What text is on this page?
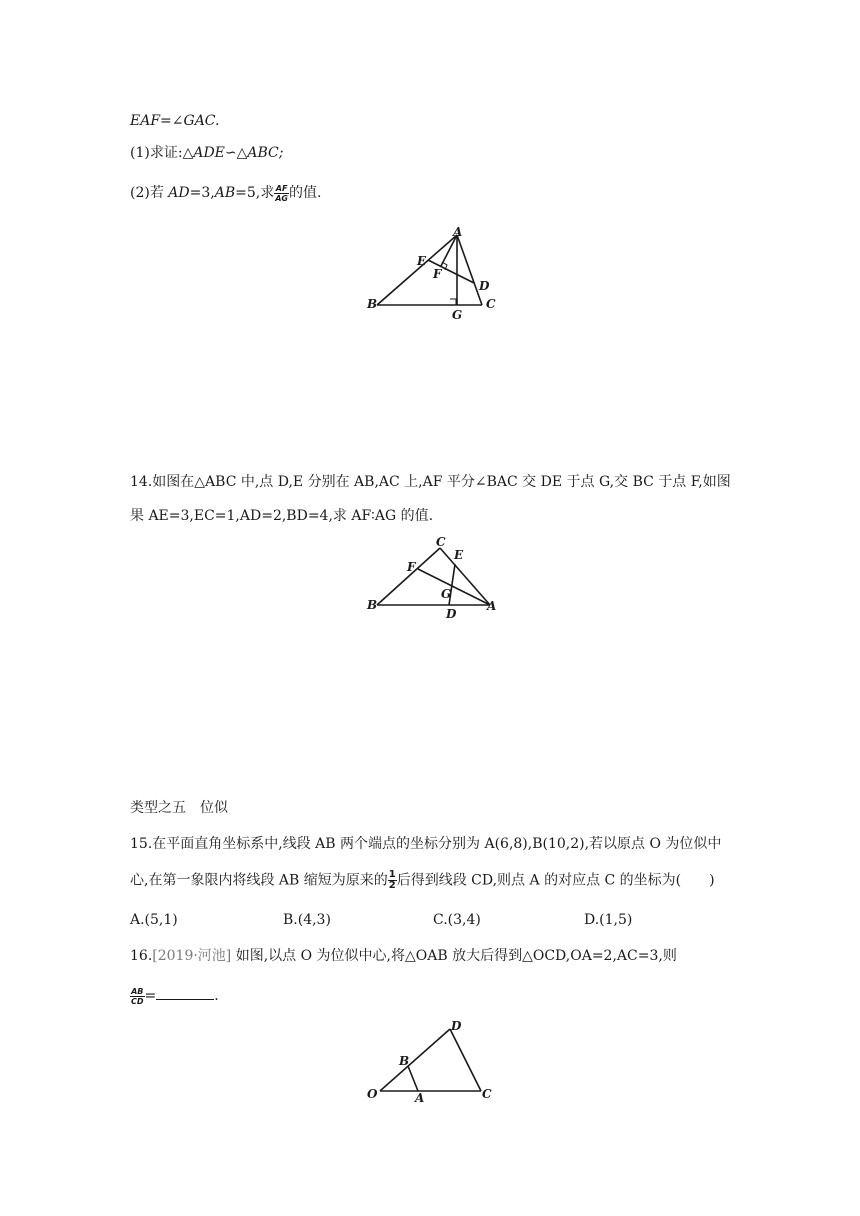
EAF=∠GAC.
(1)求证:△ADE∽△ABC;
(2)若 AD=3,AB=5,求 $\frac{AF}{AG}$ 的值.
A
E
F
D
B	C
G
14.如图在△ABC 中,点 D,E 分别在 AB,AC 上,AF 平分∠BAC 交 DE 于点 G,交 BC 于点 F,如图
果 AE=3,EC=1,AD=2,BD=4,求 AF∶AG 的值.
C
E
F
G
B	A
D
类型之五　位似
15.在平面直角坐标系中,线段 AB 两个端点的坐标分别为 A(6,8),B(10,2),若以原点 O 为位似中
心,在第一象限内将线段 AB 缩短为原来的 $\frac{1}{2}$ 后得到线段 CD,则点 A 的对应点 C 的坐标为(　　)
A.(5,1)	B.(4,3)	C.(3,4)	D.(1,5)
16.[2019·河池] 如图,以点 O 为位似中心,将△OAB 放大后得到△OCD,OA=2,AC=3,则
$\frac{AB}{CD}$ =	.
D
B
O	A	C
